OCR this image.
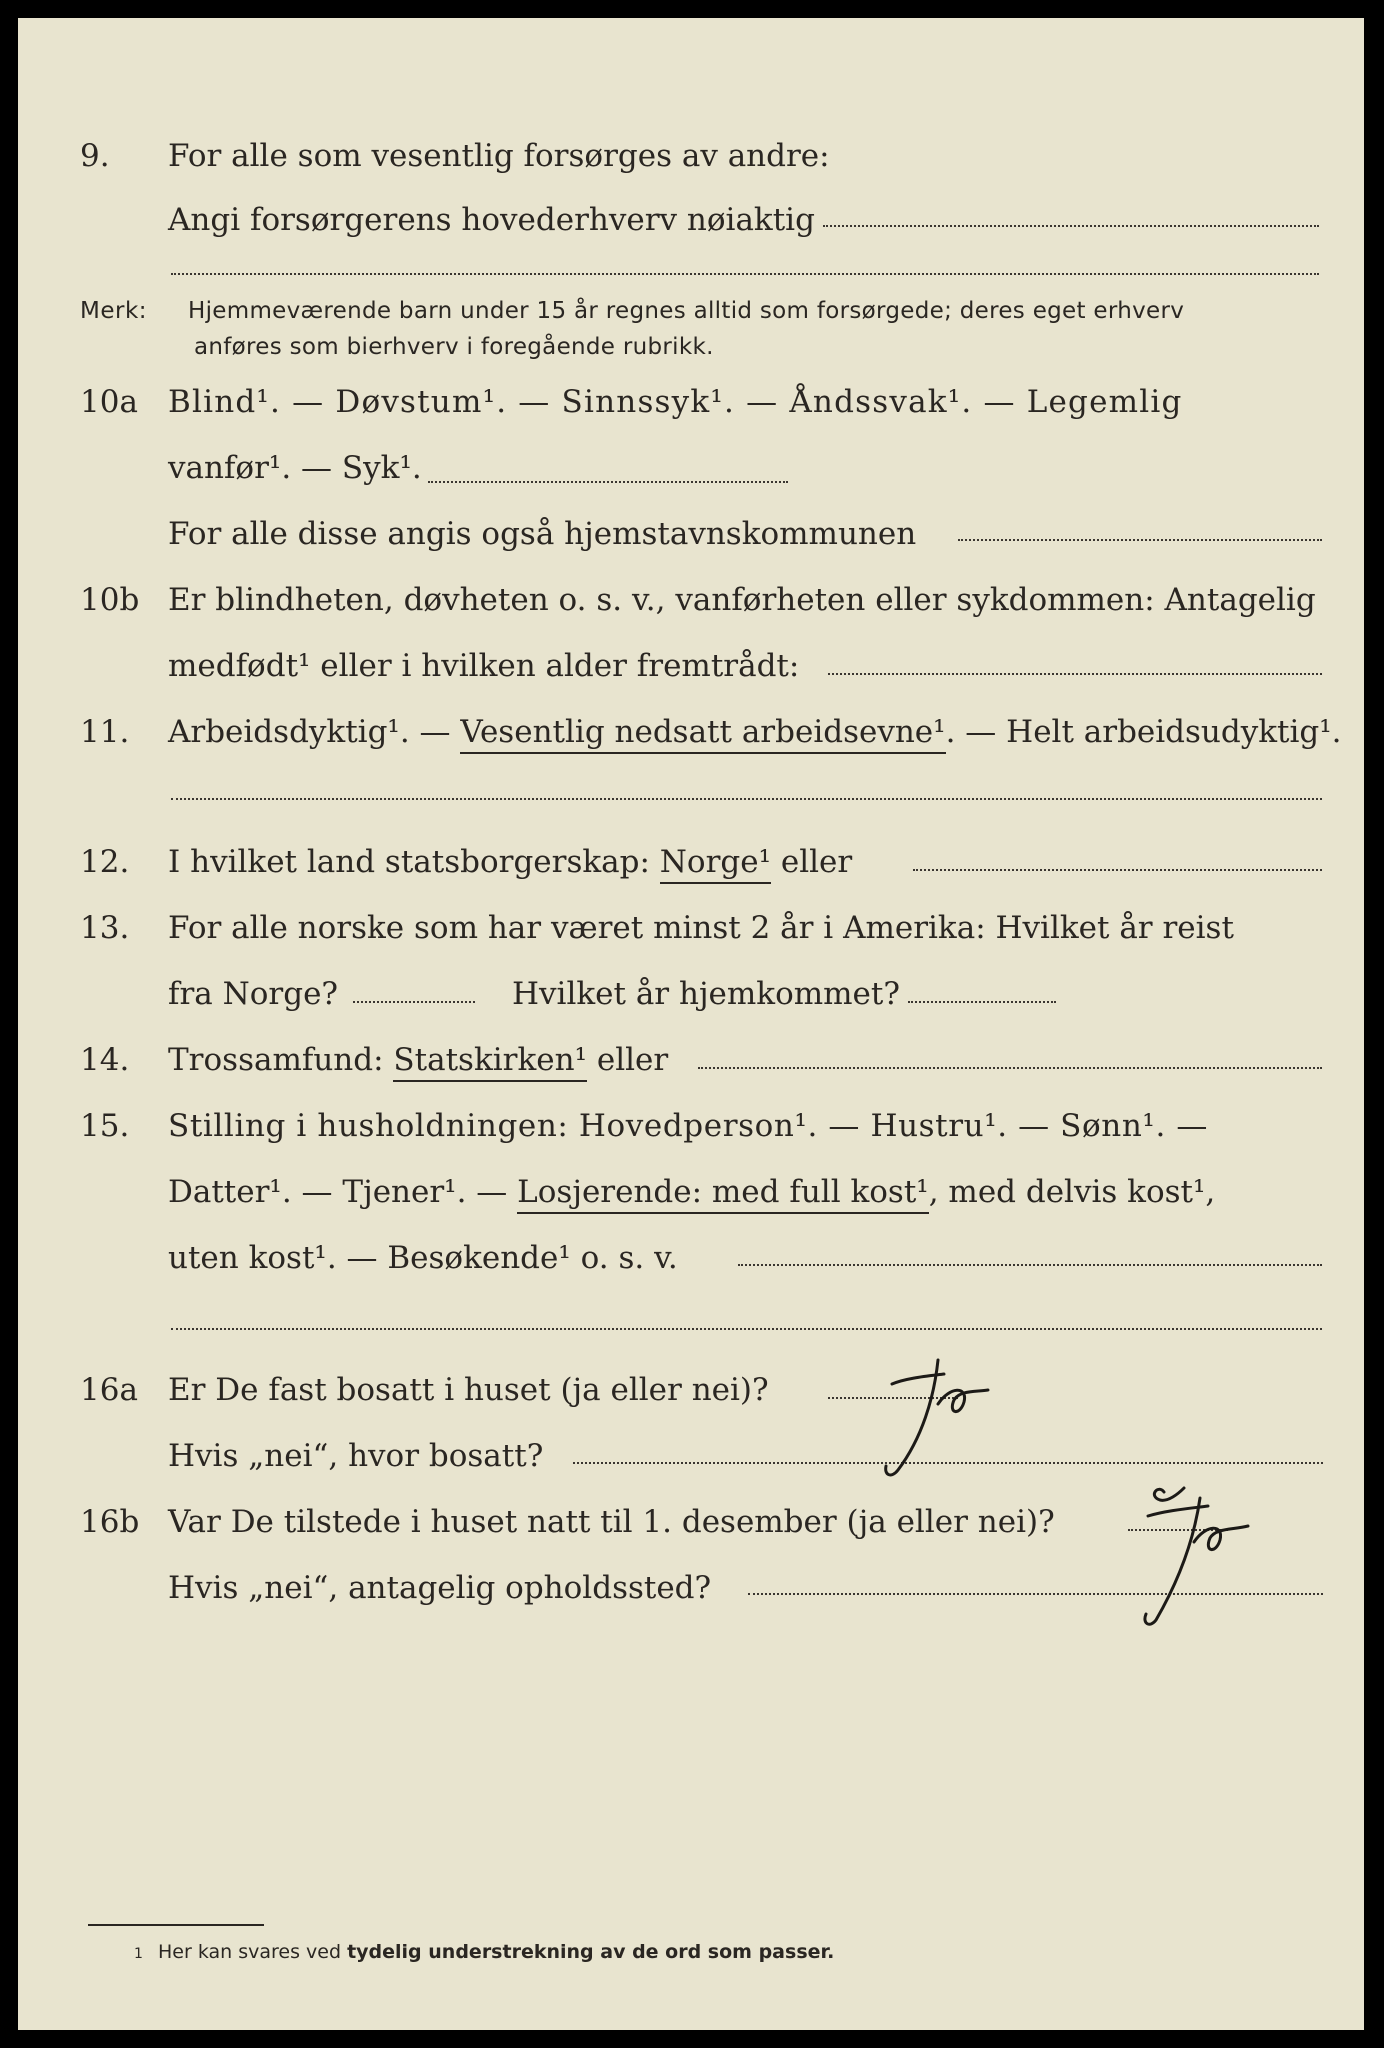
9. For alle som vesentlig forsørges av andre:
Angi forsørgerens hovederhverv nøiaktig
Merk: Hjemmeværende barn under 15 år regnes alltid som forsørgede; deres eget erhverv
anføres som bierhverv i foregående rubrikk.
10a Blind¹. — Døvstum¹. — Sinnssyk¹. — Åndssvak¹. — Legemlig
vanfør¹. — Syk¹.
For alle disse angis også hjemstavnskommunen
10b Er blindheten, døvheten o. s. v., vanførheten eller sykdommen: Antagelig
medfødt¹ eller i hvilken alder fremtrådt:
11. Arbeidsdyktig¹. — Vesentlig nedsatt arbeidsevne¹. — Helt arbeidsudyktig¹.
12. I hvilket land statsborgerskap: Norge¹ eller
13. For alle norske som har været minst 2 år i Amerika: Hvilket år reist
fra Norge?	Hvilket år hjemkommet?
14. Trossamfund: Statskirken¹ eller
15. Stilling i husholdningen: Hovedperson¹. — Hustru¹. — Sønn¹. —
Datter¹. — Tjener¹. — Losjerende: med full kost¹, med delvis kost¹,
uten kost¹. — Besøkende¹ o. s. v.
16a Er De fast bosatt i huset (ja eller nei)?
Hvis „nei“, hvor bosatt?
16b Var De tilstede i huset natt til 1. desember (ja eller nei)?
Hvis „nei“, antagelig opholdssted?
1 Her kan svares ved tydelig understrekning av de ord som passer.
